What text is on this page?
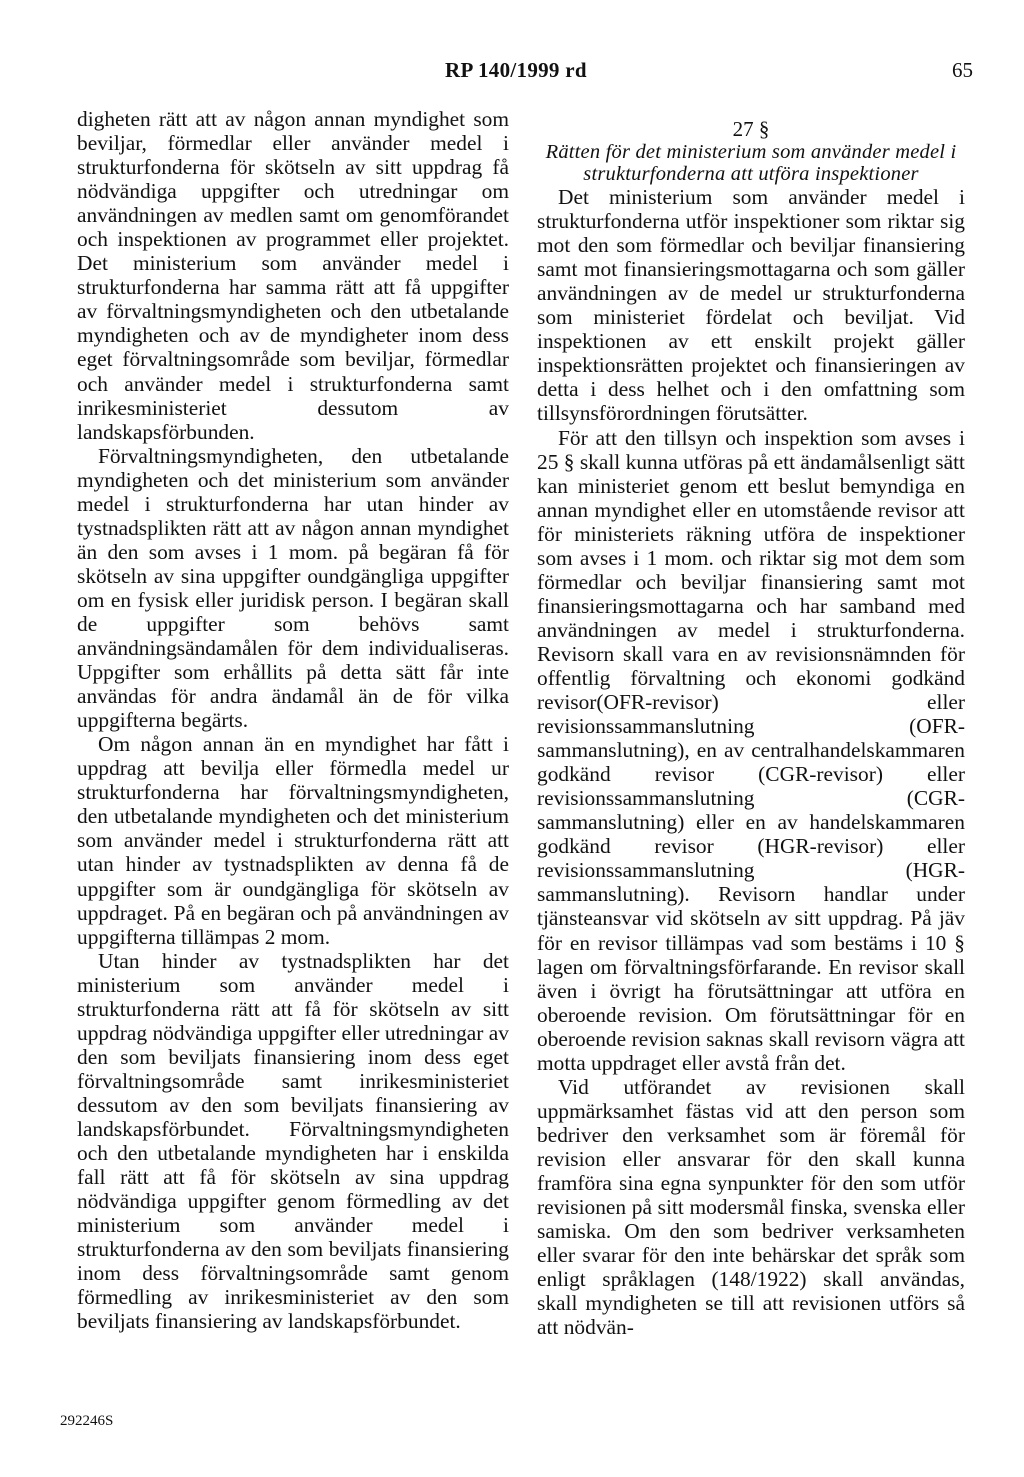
RP 140/1999 rd	65

digheten rätt att av någon annan myndighet som beviljar, förmedlar eller använder medel i strukturfonderna för skötseln av sitt uppdrag få nödvändiga uppgifter och utredningar om användningen av medlen samt om genomförandet och inspektionen av programmet eller projektet. Det ministerium som använder medel i strukturfonderna har samma rätt att få uppgifter av förvaltningsmyndigheten och den utbetalande myndigheten och av de myndigheter inom dess eget förvaltningsområde som beviljar, förmedlar och använder medel i strukturfonderna samt inrikesministeriet dessutom av landskapsförbunden.

Förvaltningsmyndigheten, den utbetalande myndigheten och det ministerium som använder medel i strukturfonderna har utan hinder av tystnadsplikten rätt att av någon annan myndighet än den som avses i 1 mom. på begäran få för skötseln av sina uppgifter oundgängliga uppgifter om en fysisk eller juridisk person. I begäran skall de uppgifter som behövs samt användningsändamålen för dem individualiseras. Uppgifter som erhållits på detta sätt får inte användas för andra ändamål än de för vilka uppgifterna begärts.

Om någon annan än en myndighet har fått i uppdrag att bevilja eller förmedla medel ur strukturfonderna har förvaltningsmyndigheten, den utbetalande myndigheten och det ministerium som använder medel i strukturfonderna rätt att utan hinder av tystnadsplikten av denna få de uppgifter som är oundgängliga för skötseln av uppdraget. På en begäran och på användningen av uppgifterna tillämpas 2 mom.

Utan hinder av tystnadsplikten har det ministerium som använder medel i strukturfonderna rätt att få för skötseln av sitt uppdrag nödvändiga uppgifter eller utredningar av den som beviljats finansiering inom dess eget förvaltningsområde samt inrikesministeriet dessutom av den som beviljats finansiering av landskapsförbundet. Förvaltningsmyndigheten och den utbetalande myndigheten har i enskilda fall rätt att få för skötseln av sina uppdrag nödvändiga uppgifter genom förmedling av det ministerium som använder medel i strukturfonderna av den som beviljats finansiering inom dess förvaltningsområde samt genom förmedling av inrikesministeriet av den som beviljats finansiering av landskapsförbundet.

27 §

Rätten för det ministerium som använder medel i strukturfonderna att utföra inspektioner

Det ministerium som använder medel i strukturfonderna utför inspektioner som riktar sig mot den som förmedlar och beviljar finansiering samt mot finansieringsmottagarna och som gäller användningen av de medel ur strukturfonderna som ministeriet fördelat och beviljat. Vid inspektionen av ett enskilt projekt gäller inspektionsrätten projektet och finansieringen av detta i dess helhet och i den omfattning som tillsynsförordningen förutsätter.

För att den tillsyn och inspektion som avses i 25 § skall kunna utföras på ett ändamålsenligt sätt kan ministeriet genom ett beslut bemyndiga en annan myndighet eller en utomstående revisor att för ministeriets räkning utföra de inspektioner som avses i 1 mom. och riktar sig mot dem som förmedlar och beviljar finansiering samt mot finansieringsmottagarna och har samband med användningen av medel i strukturfonderna. Revisorn skall vara en av revisionsnämnden för offentlig förvaltning och ekonomi godkänd revisor(OFR-revisor) eller revisionssammanslutning (OFR-sammanslutning), en av centralhandelskammaren godkänd revisor (CGR-revisor) eller revisionssammanslutning (CGR-sammanslutning) eller en av handelskammaren godkänd revisor (HGR-revisor) eller revisionssammanslutning (HGR-sammanslutning). Revisorn handlar under tjänsteansvar vid skötseln av sitt uppdrag. På jäv för en revisor tillämpas vad som bestäms i 10 § lagen om förvaltningsförfarande. En revisor skall även i övrigt ha förutsättningar att utföra en oberoende revision. Om förutsättningar för en oberoende revision saknas skall revisorn vägra att motta uppdraget eller avstå från det.

Vid utförandet av revisionen skall uppmärksamhet fästas vid att den person som bedriver den verksamhet som är föremål för revision eller ansvarar för den skall kunna framföra sina egna synpunkter för den som utför revisionen på sitt modersmål finska, svenska eller samiska. Om den som bedriver verksamheten eller svarar för den inte behärskar det språk som enligt språklagen (148/1922) skall användas, skall myndigheten se till att revisionen utförs så att nödvän-

292246S
